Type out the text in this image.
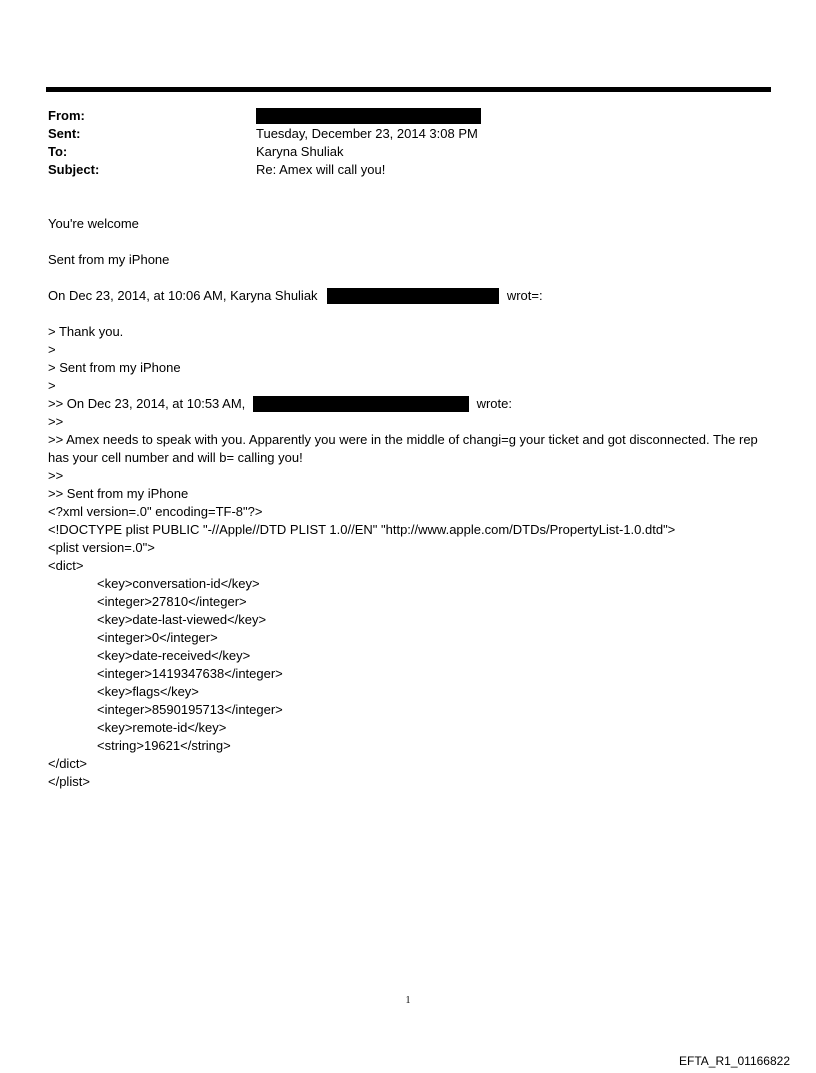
From:
Sent:	Tuesday, December 23, 2014 3:08 PM
To:	Karyna Shuliak
Subject:	Re: Amex will call you!
You're welcome
Sent from my iPhone
On Dec 23, 2014, at 10:06 AM, Karyna Shuliak	wrot=:
> Thank you.
>
> Sent from my iPhone
>
>> On Dec 23, 2014, at 10:53 AM,	wrote:
>>
>> Amex needs to speak with you. Apparently you were in the middle of changi=g your ticket and got disconnected. The rep has your cell number and will b= calling you!
>>
>> Sent from my iPhone
<?xml version=.0" encoding=TF-8"?>
<!DOCTYPE plist PUBLIC "-//Apple//DTD PLIST 1.0//EN" "http://www.apple.com/DTDs/PropertyList-1.0.dtd">
<plist version=.0">
<dict>
<key>conversation-id</key>
<integer>27810</integer>
<key>date-last-viewed</key>
<integer>0</integer>
<key>date-received</key>
<integer>1419347638</integer>
<key>flags</key>
<integer>8590195713</integer>
<key>remote-id</key>
<string>19621</string>
</dict>
</plist>
1
EFTA_R1_01166822
